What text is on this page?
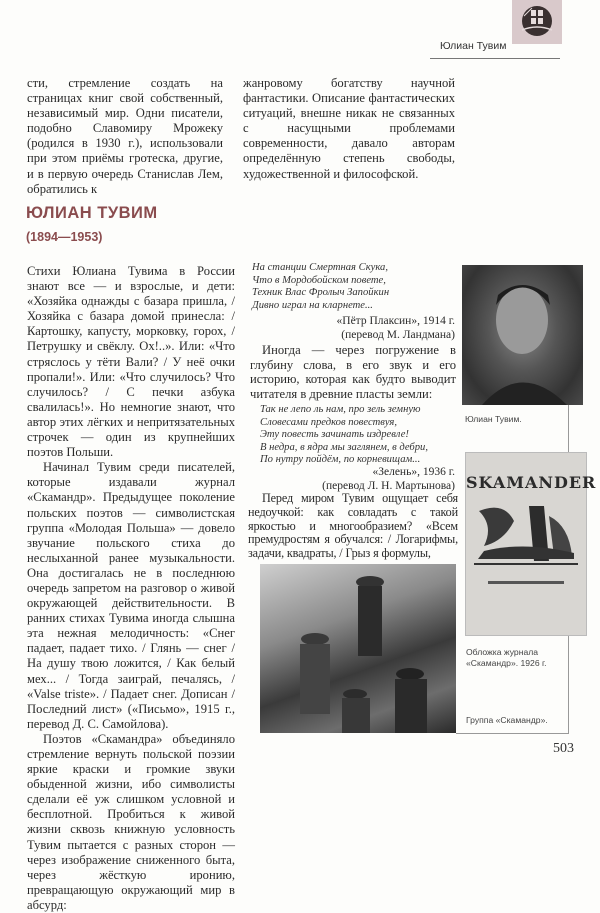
Юлиан Тувим
сти, стремление создать на страницах книг свой собственный, независимый мир. Одни писатели, подобно Славомиру Мрожеку (родился в 1930 г.), использовали при этом приёмы гротеска, другие, и в первую очередь Станислав Лем, обратились к
жанровому богатству научной фантастики. Описание фантастических ситуаций, внешне никак не связанных с насущными проблемами современности, давало авторам определённую степень свободы, художественной и философской.
ЮЛИАН ТУВИМ
(1894—1953)

Стихи Юлиана Тувима в России знают все — и взрослые, и дети: «Хозяйка однажды с базара пришла, / Хозяйка с базара домой принесла: / Картошку, капусту, морковку, горох, / Петрушку и свёклу. Ох!..». Или: «Что стряслось у тёти Вали? / У неё очки пропали!». Или: «Что случилось? Что случилось? / С печки азбука свалилась!». Но немногие знают, что автор этих лёгких и непритязательных строчек — один из крупнейших поэтов Польши.

Начинал Тувим среди писателей, которые издавали журнал «Скамандр». Предыдущее поколение польских поэтов — символистская группа «Молодая Польша» — довело звучание польского стиха до неслыханной ранее музыкальности. Она достигалась не в последнюю очередь запретом на разговор о живой окружающей действительности. В ранних стихах Тувима иногда слышна эта нежная мелодичность: «Снег падает, падает тихо. / Глянь — снег / На душу твою ложится, / Как белый мех... / Тогда заиграй, печалясь, / «Valse triste». / Падает снег. Дописан / Последний лист» («Письмо», 1915 г., перевод Д. С. Самойлова).

Поэтов «Скамандра» объединяло стремление вернуть польской поэзии яркие краски и громкие звуки обыденной жизни, ибо символисты сделали её уж слишком условной и бесплотной. Пробиться к живой жизни сквозь книжную условность Тувим пытается с разных сторон — через изображение сниженного быта, через жёсткую иронию, превращающую окружающий мир в абсурд:

На станции Смертная Скука,
Что в Мордобойском повете,
Техник Влас Фролыч Запойкин
Дивно играл на кларнете...
«Пётр Плаксин», 1914 г.
(перевод М. Ландмана)
Иногда — через погружение в глубину слова, в его звук и его историю, которая как будто выводит читателя в древние пласты земли:
Так не лепо ль нам, про зель земную
Словесами предков повествуя,
Эту повесть зачинать издревле!
В недра, в ядра мы заглянем, в дебри,
По нутру пойдём, по корневищам...
«Зелень», 1936 г.
(перевод Л. Н. Мартынова)
Перед миром Тувим ощущает себя недоучкой: как совладать с такой яркостью и многообразием? «Всем премудростям я обучался: / Логарифмы, задачи, квадраты, / Грыз я формулы,
Юлиан Тувим.
SKAMANDER
Обложка журнала «Скамандр». 1926 г.
Группа «Скамандр».
503
